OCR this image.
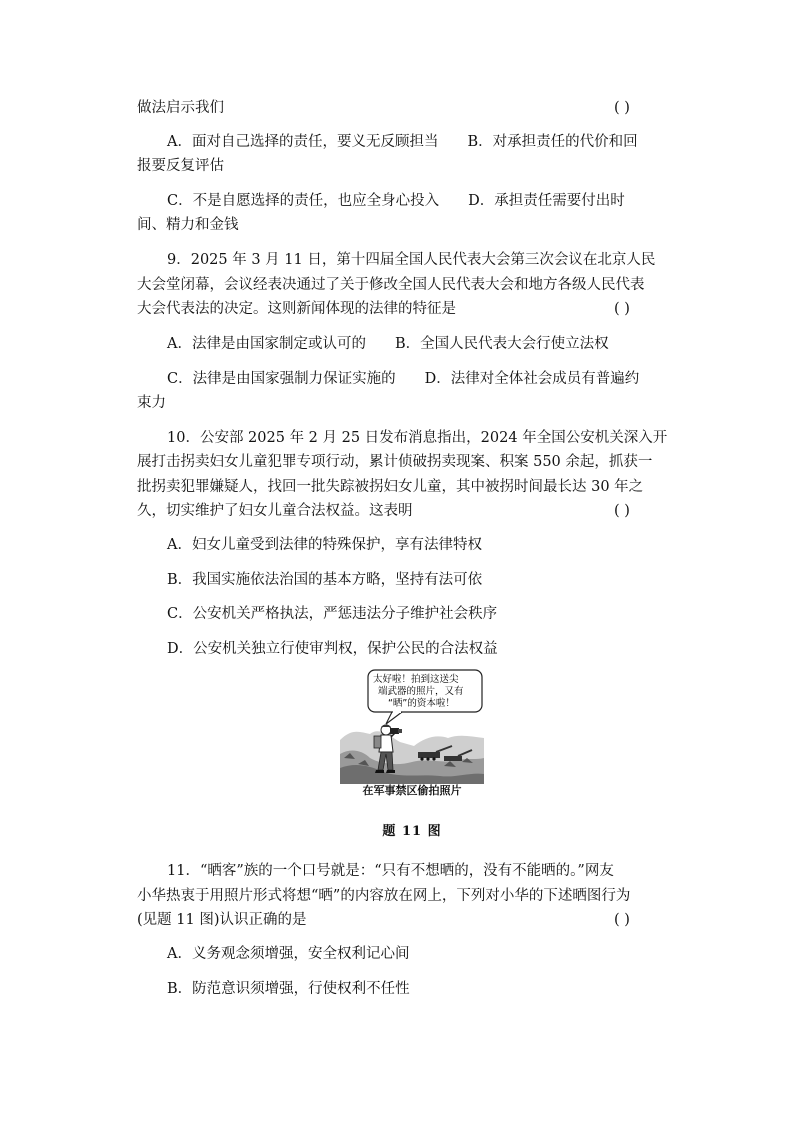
做法启示我们	( )
A．面对自己选择的责任，要义无反顾担当　　B．对承担责任的代价和回
报要反复评估
C．不是自愿选择的责任，也应全身心投入　　D．承担责任需要付出时
间、精力和金钱
9．2025 年 3 月 11 日，第十四届全国人民代表大会第三次会议在北京人民
大会堂闭幕，会议经表决通过了关于修改全国人民代表大会和地方各级人民代表
大会代表法的决定。这则新闻体现的法律的特征是	( )
A．法律是由国家制定或认可的　　B．全国人民代表大会行使立法权
C．法律是由国家强制力保证实施的　　D．法律对全体社会成员有普遍约
束力
10．公安部 2025 年 2 月 25 日发布消息指出，2024 年全国公安机关深入开
展打击拐卖妇女儿童犯罪专项行动，累计侦破拐卖现案、积案 550 余起，抓获一
批拐卖犯罪嫌疑人，找回一批失踪被拐妇女儿童，其中被拐时间最长达 30 年之
久，切实维护了妇女儿童合法权益。这表明	( )
A．妇女儿童受到法律的特殊保护，享有法律特权
B．我国实施依法治国的基本方略，坚持有法可依
C．公安机关严格执法，严惩违法分子维护社会秩序
D．公安机关独立行使审判权，保护公民的合法权益
太好啦！拍到这送尖
端武器的照片，又有
“晒”的资本啦！
在军事禁区偷拍照片
题 11 图
11．“晒客”族的一个口号就是：“只有不想晒的，没有不能晒的。”网友
小华热衷于用照片形式将想“晒”的内容放在网上，下列对小华的下述晒图行为
(见题 11 图)认识正确的是	( )
A．义务观念须增强，安全权利记心间
B．防范意识须增强，行使权利不任性
